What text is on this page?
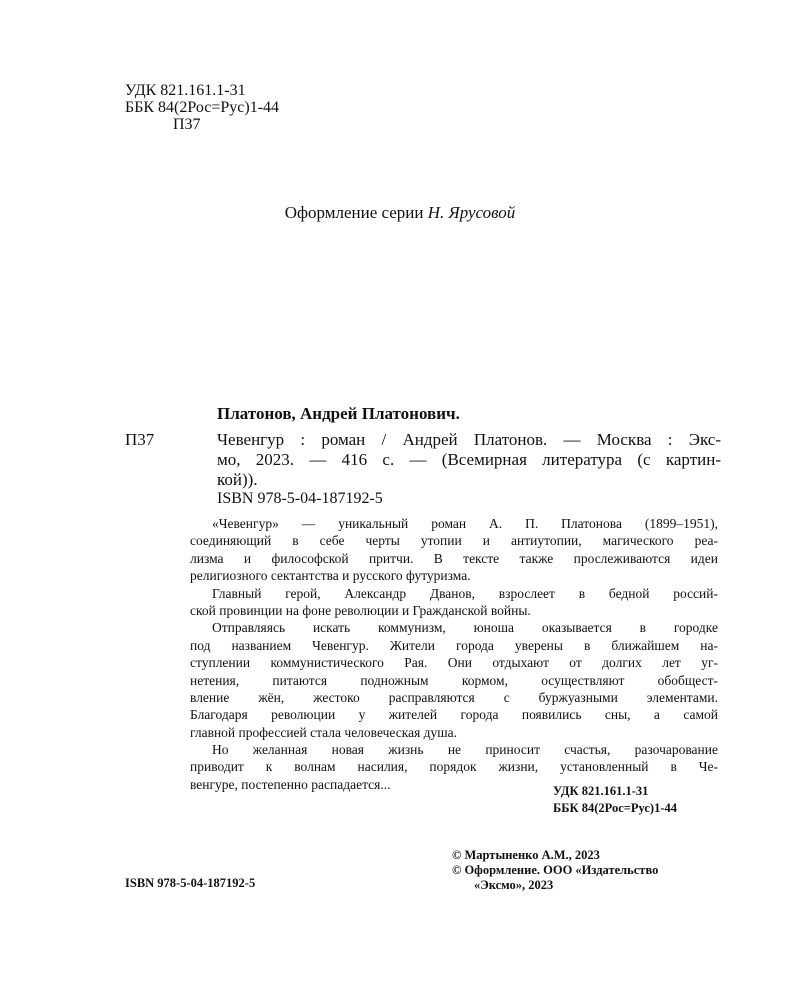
УДК 821.161.1-31
ББК 84(2Рос=Рус)1-44
П37
Оформление серии Н. Ярусовой
Платонов, Андрей Платонович.
П37	Чевенгур : роман / Андрей Платонов. — Москва : Экс-
мо, 2023. — 416 с. — (Всемирная литература (с картин-
кой)).
ISBN 978-5-04-187192-5
«Чевенгур» — уникальный роман А. П. Платонова (1899–1951),
соединяющий в себе черты утопии и антиутопии, магического реа-
лизма и философской притчи. В тексте также прослеживаются идеи
религиозного сектантства и русского футуризма.
Главный герой, Александр Дванов, взрослеет в бедной россий-
ской провинции на фоне революции и Гражданской войны.
Отправляясь искать коммунизм, юноша оказывается в городке
под названием Чевенгур. Жители города уверены в ближайшем на-
ступлении коммунистического Рая. Они отдыхают от долгих лет уг-
нетения, питаются подножным кормом, осуществляют обобщест-
вление жён, жестоко расправляются с буржуазными элементами.
Благодаря революции у жителей города появились сны, а самой
главной профессией стала человеческая душа.
Но желанная новая жизнь не приносит счастья, разочарование
приводит к волнам насилия, порядок жизни, установленный в Че-
венгуре, постепенно распадается...	УДК 821.161.1-31
ББК 84(2Рос=Рус)1-44
© Мартыненко А.М., 2023
© Оформление. ООО «Издательство
«Эксмо», 2023
ISBN 978-5-04-187192-5
